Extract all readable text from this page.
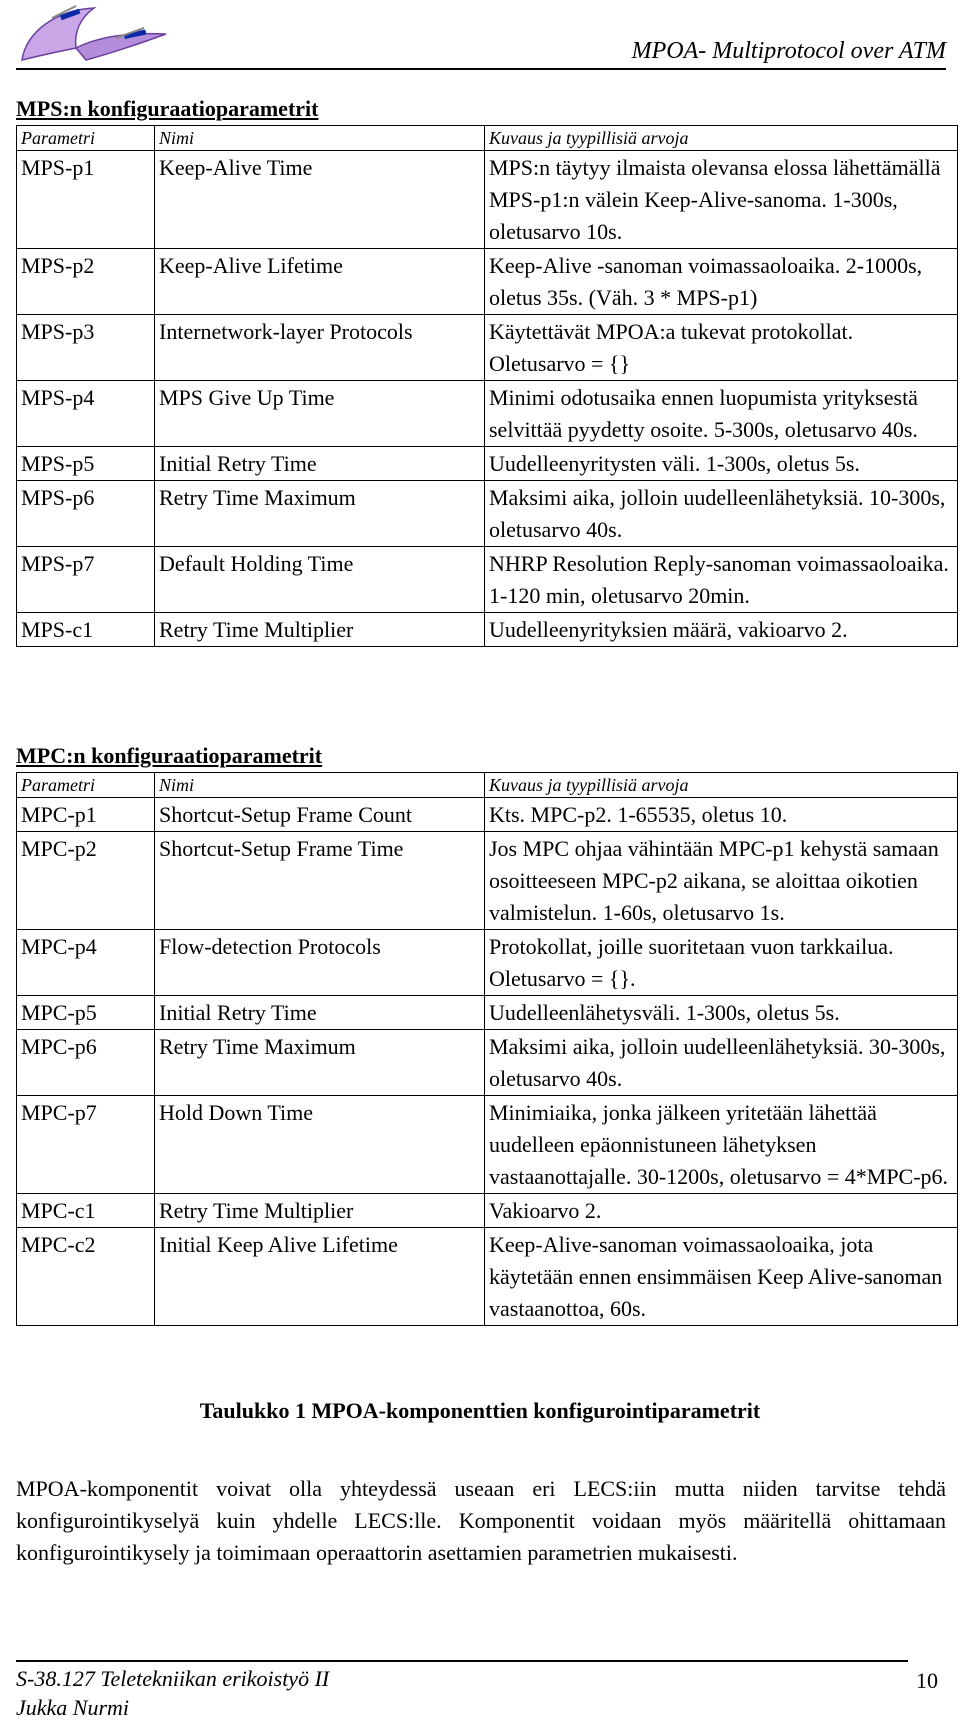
MPOA- Multiprotocol over ATM
MPS:n konfiguraatioparametrit
Parametri	Nimi	Kuvaus ja tyypillisiä arvoja
MPS-p1	Keep-Alive Time	MPS:n täytyy ilmaista olevansa elossa lähettämällä MPS-p1:n välein Keep-Alive-sanoma. 1-300s, oletusarvo 10s.
MPS-p2	Keep-Alive Lifetime	Keep-Alive -sanoman voimassaoloaika. 2-1000s, oletus 35s. (Väh. 3 * MPS-p1)
MPS-p3	Internetwork-layer Protocols	Käytettävät MPOA:a tukevat protokollat. Oletusarvo = {}
MPS-p4	MPS Give Up Time	Minimi odotusaika ennen luopumista yrityksestä selvittää pyydetty osoite. 5-300s, oletusarvo 40s.
MPS-p5	Initial Retry Time	Uudelleenyritysten väli. 1-300s, oletus 5s.
MPS-p6	Retry Time Maximum	Maksimi aika, jolloin uudelleenlähetyksiä. 10-300s, oletusarvo 40s.
MPS-p7	Default Holding Time	NHRP Resolution Reply-sanoman voimassaoloaika. 1-120 min, oletusarvo 20min.
MPS-c1	Retry Time Multiplier	Uudelleenyrityksien määrä, vakioarvo 2.
MPC:n konfiguraatioparametrit
Parametri	Nimi	Kuvaus ja tyypillisiä arvoja
MPC-p1	Shortcut-Setup Frame Count	Kts. MPC-p2. 1-65535, oletus 10.
MPC-p2	Shortcut-Setup Frame Time	Jos MPC ohjaa vähintään MPC-p1 kehystä samaan osoitteeseen MPC-p2 aikana, se aloittaa oikotien valmistelun. 1-60s, oletusarvo 1s.
MPC-p4	Flow-detection Protocols	Protokollat, joille suoritetaan vuon tarkkailua. Oletusarvo = {}.
MPC-p5	Initial Retry Time	Uudelleenlähetysväli. 1-300s, oletus 5s.
MPC-p6	Retry Time Maximum	Maksimi aika, jolloin uudelleenlähetyksiä. 30-300s, oletusarvo 40s.
MPC-p7	Hold Down Time	Minimiaika, jonka jälkeen yritetään lähettää uudelleen epäonnistuneen lähetyksen vastaanottajalle. 30-1200s, oletusarvo = 4*MPC-p6.
MPC-c1	Retry Time Multiplier	Vakioarvo 2.
MPC-c2	Initial Keep Alive Lifetime	Keep-Alive-sanoman voimassaoloaika, jota käytetään ennen ensimmäisen Keep Alive-sanoman vastaanottoa, 60s.
Taulukko 1 MPOA-komponenttien konfigurointiparametrit
MPOA-komponentit voivat olla yhteydessä useaan eri LECS:iin mutta niiden tarvitse tehdä konfigurointikyselyä kuin yhdelle LECS:lle. Komponentit voidaan myös määritellä ohittamaan konfigurointikysely ja toimimaan operaattorin asettamien parametrien mukaisesti.
S-38.127 Teletekniikan erikoistyö II
Jukka Nurmi
10
